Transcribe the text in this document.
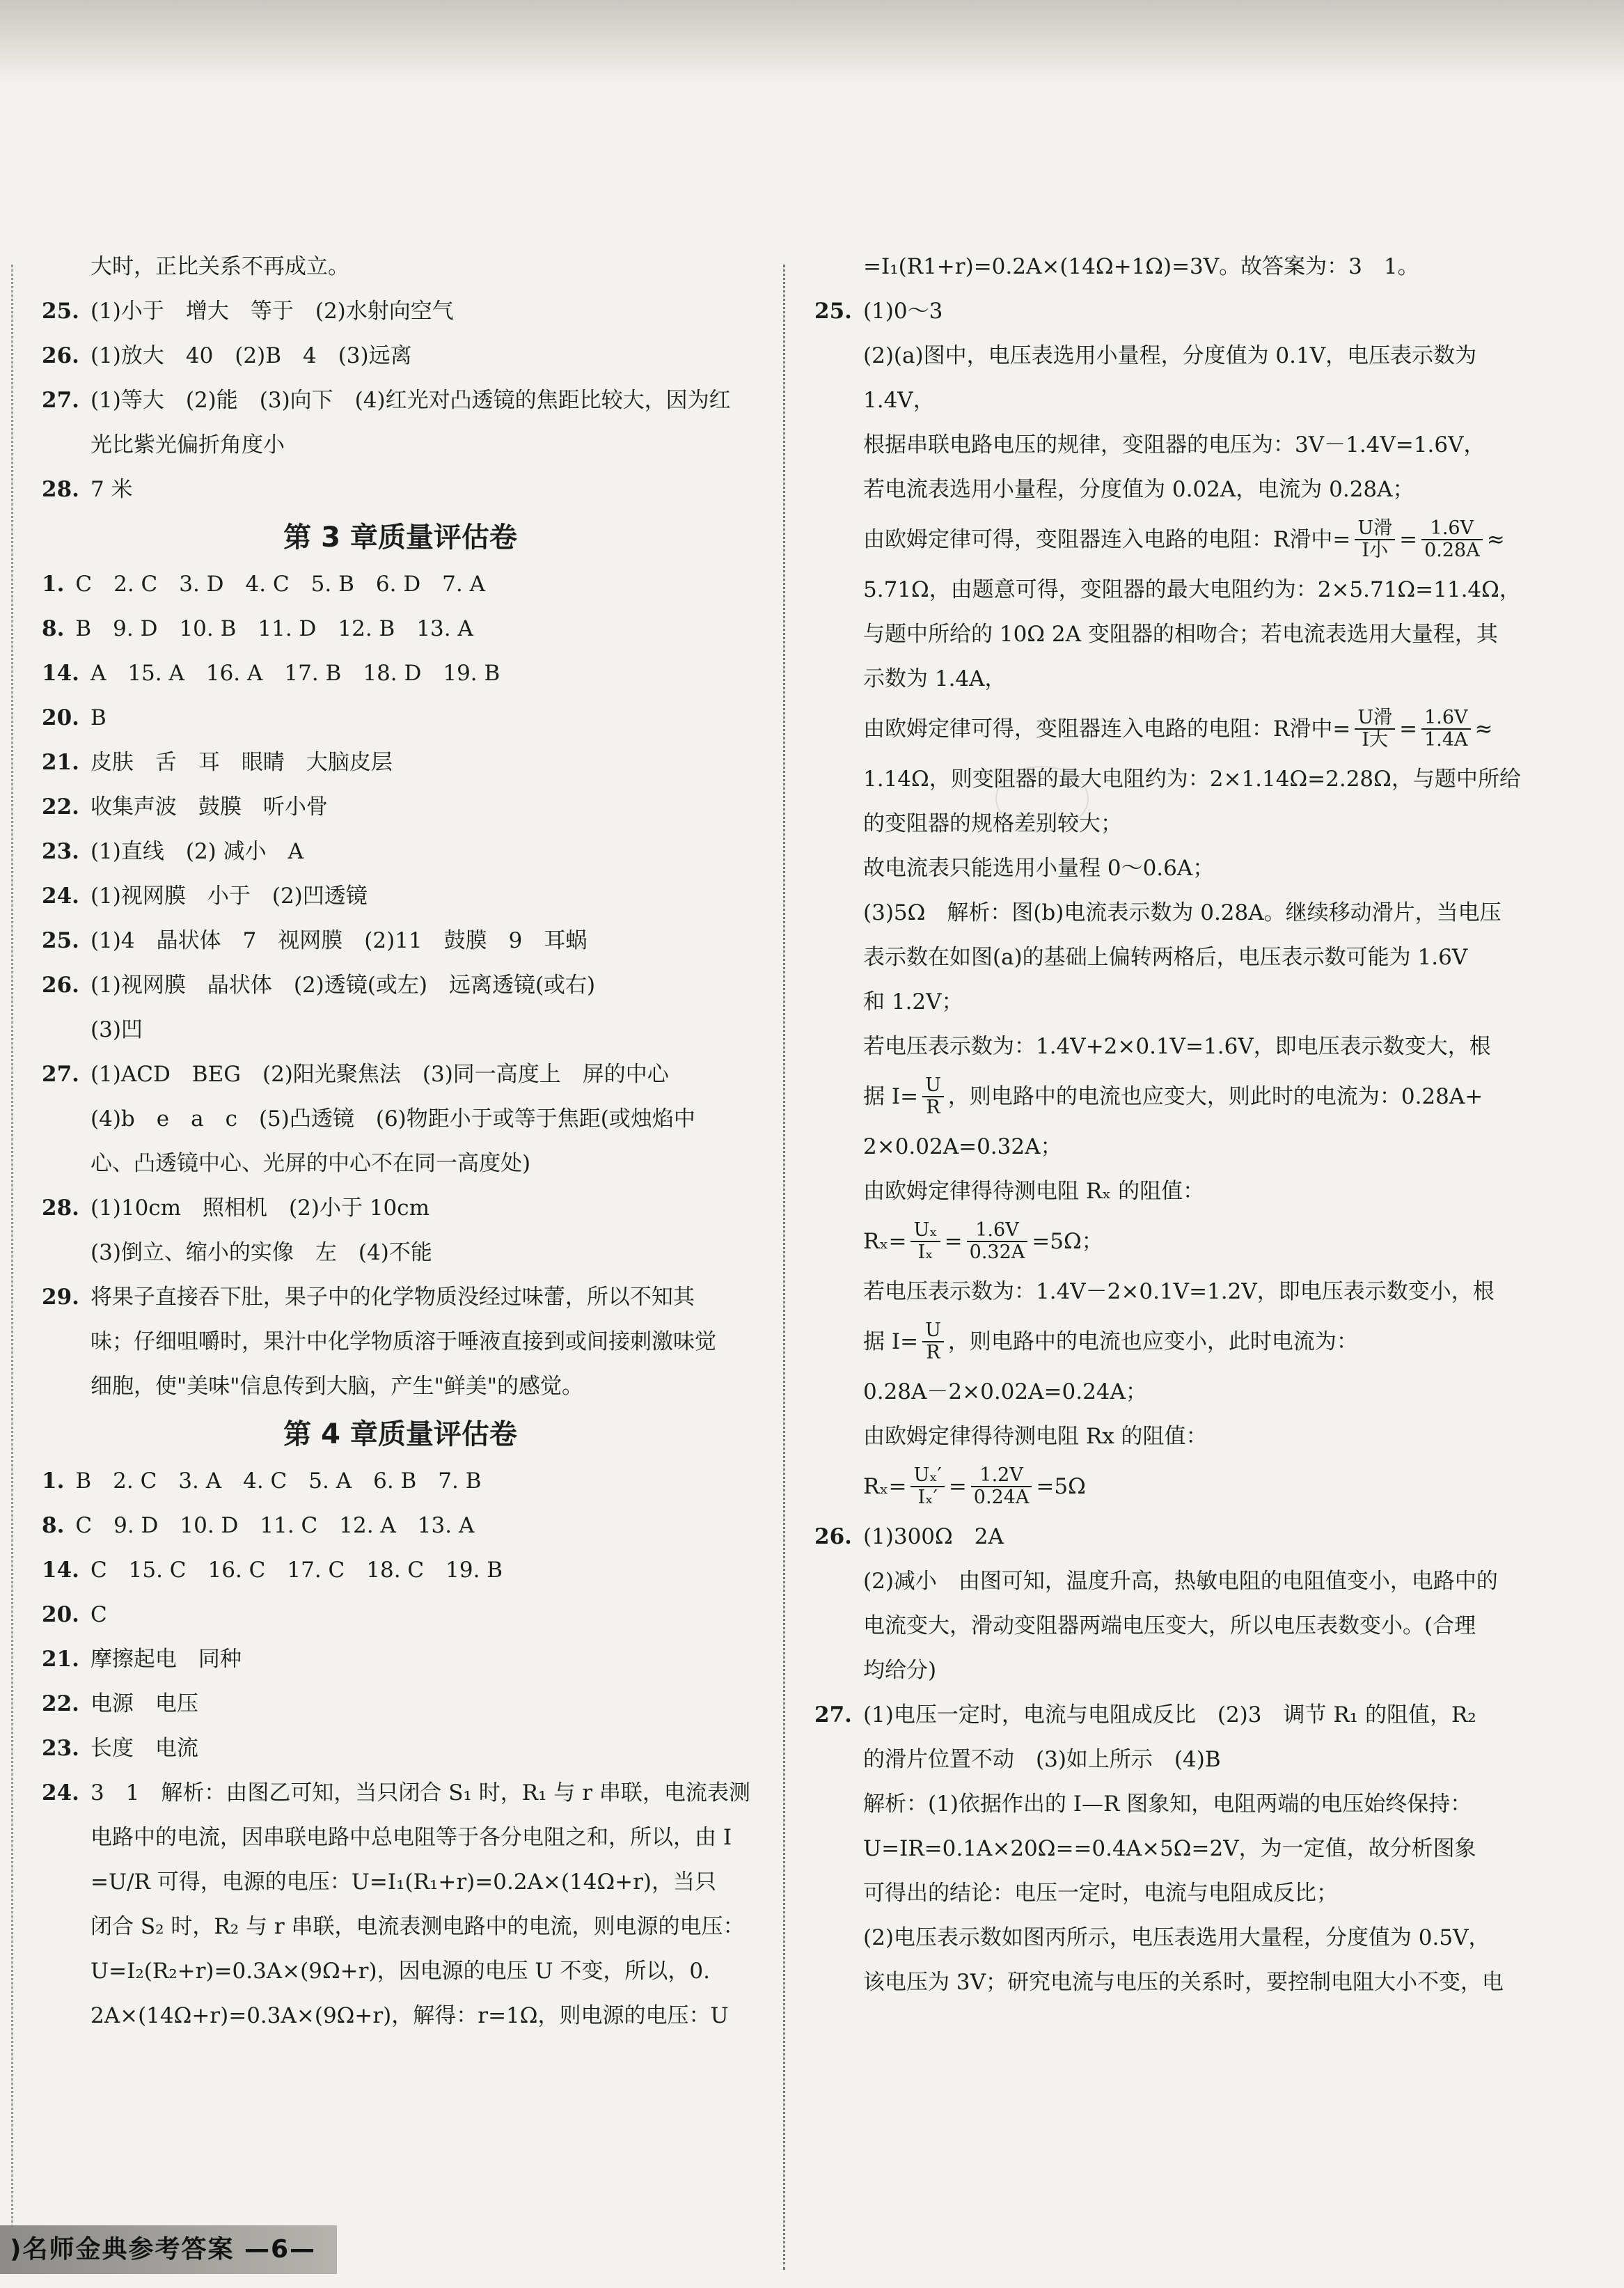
大时，正比关系不再成立。
25. (1)小于　增大　等于　(2)水射向空气
26. (1)放大　40　(2)B　4　(3)远离
27. (1)等大　(2)能　(3)向下　(4)红光对凸透镜的焦距比较大，因为红
光比紫光偏折角度小
28. 7 米
第 3 章质量评估卷
1. C　2. C　3. D　4. C　5. B　6. D　7. A
8. B　9. D　10. B　11. D　12. B　13. A
14. A　15. A　16. A　17. B　18. D　19. B
20. B
21. 皮肤　舌　耳　眼睛　大脑皮层
22. 收集声波　鼓膜　听小骨
23. (1)直线　(2) 减小　A
24. (1)视网膜　小于　(2)凹透镜
25. (1)4　晶状体　7　视网膜　(2)11　鼓膜　9　耳蜗
26. (1)视网膜　晶状体　(2)透镜(或左)　远离透镜(或右)
(3)凹
27. (1)ACD　BEG　(2)阳光聚焦法　(3)同一高度上　屏的中心
(4)b　e　a　c　(5)凸透镜　(6)物距小于或等于焦距(或烛焰中
心、凸透镜中心、光屏的中心不在同一高度处)
28. (1)10cm　照相机　(2)小于 10cm
(3)倒立、缩小的实像　左　(4)不能
29. 将果子直接吞下肚，果子中的化学物质没经过味蕾，所以不知其
味；仔细咀嚼时，果汁中化学物质溶于唾液直接到或间接刺激味觉
细胞，使"美味"信息传到大脑，产生"鲜美"的感觉。
第 4 章质量评估卷
1. B　2. C　3. A　4. C　5. A　6. B　7. B
8. C　9. D　10. D　11. C　12. A　13. A
14. C　15. C　16. C　17. C　18. C　19. B
20. C
21. 摩擦起电　同种
22. 电源　电压
23. 长度　电流
24. 3　1　解析：由图乙可知，当只闭合 S₁ 时，R₁ 与 r 串联，电流表测
电路中的电流，因串联电路中总电阻等于各分电阻之和，所以，由 I
=U/R 可得，电源的电压：U=I₁(R₁+r)=0.2A×(14Ω+r)，当只
闭合 S₂ 时，R₂ 与 r 串联，电流表测电路中的电流，则电源的电压：
U=I₂(R₂+r)=0.3A×(9Ω+r)，因电源的电压 U 不变，所以，0.
2A×(14Ω+r)=0.3A×(9Ω+r)，解得：r=1Ω，则电源的电压：U
=I₁(R1+r)=0.2A×(14Ω+1Ω)=3V。故答案为：3　1。
25. (1)0～3
(2)(a)图中，电压表选用小量程，分度值为 0.1V，电压表示数为
1.4V，
根据串联电路电压的规律，变阻器的电压为：3V－1.4V=1.6V，
若电流表选用小量程，分度值为 0.02A，电流为 0.28A；
由欧姆定律可得，变阻器连入电路的电阻：R滑中= $\frac{\text{U滑}}{\text{I小}} = \frac{1.6V}{0.28A}$ ≈
5.71Ω，由题意可得，变阻器的最大电阻约为：2×5.71Ω=11.4Ω，
与题中所给的 10Ω 2A 变阻器的相吻合；若电流表选用大量程，其
示数为 1.4A，
由欧姆定律可得，变阻器连入电路的电阻：R滑中= $\frac{\text{U滑}}{\text{I大}} = \frac{1.6V}{1.4A}$ ≈
1.14Ω，则变阻器的最大电阻约为：2×1.14Ω=2.28Ω，与题中所给
的变阻器的规格差别较大；
故电流表只能选用小量程 0～0.6A；
(3)5Ω　解析：图(b)电流表示数为 0.28A。继续移动滑片，当电压
表示数在如图(a)的基础上偏转两格后，电压表示数可能为 1.6V
和 1.2V；
若电压表示数为：1.4V+2×0.1V=1.6V，即电压表示数变大，根
据 $I= \frac{U}{R}$ ，则电路中的电流也应变大，则此时的电流为：0.28A+
2×0.02A=0.32A；
由欧姆定律得待测电阻 Rₓ 的阻值：
$R_x= \frac{\text{Uₓ}}{\text{Iₓ}} = \frac{1.6V}{0.32A} =5\Omega$；
若电压表示数为：1.4V－2×0.1V=1.2V，即电压表示数变小，根
据 $I= \frac{U}{R}$ ，则电路中的电流也应变小，此时电流为：
0.28A－2×0.02A=0.24A；
由欧姆定律得待测电阻 Rx 的阻值：
$R_x= \frac{\text{Uₓ′}}{\text{Iₓ′}} = \frac{1.2V}{0.24A} =5\Omega$
26. (1)300Ω　2A
(2)减小　由图可知，温度升高，热敏电阻的电阻值变小，电路中的
电流变大，滑动变阻器两端电压变大，所以电压表数变小。(合理
均给分)
27. (1)电压一定时，电流与电阻成反比　(2)3　调节 R₁ 的阻值，R₂
的滑片位置不动　(3)如上所示　(4)B
解析：(1)依据作出的 I—R 图象知，电阻两端的电压始终保持：
U=IR=0.1A×20Ω==0.4A×5Ω=2V，为一定值，故分析图象
可得出的结论：电压一定时，电流与电阻成反比；
(2)电压表示数如图丙所示，电压表选用大量程，分度值为 0.5V，
该电压为 3V；研究电流与电压的关系时，要控制电阻大小不变，电
)名师金典参考答案 —6—
